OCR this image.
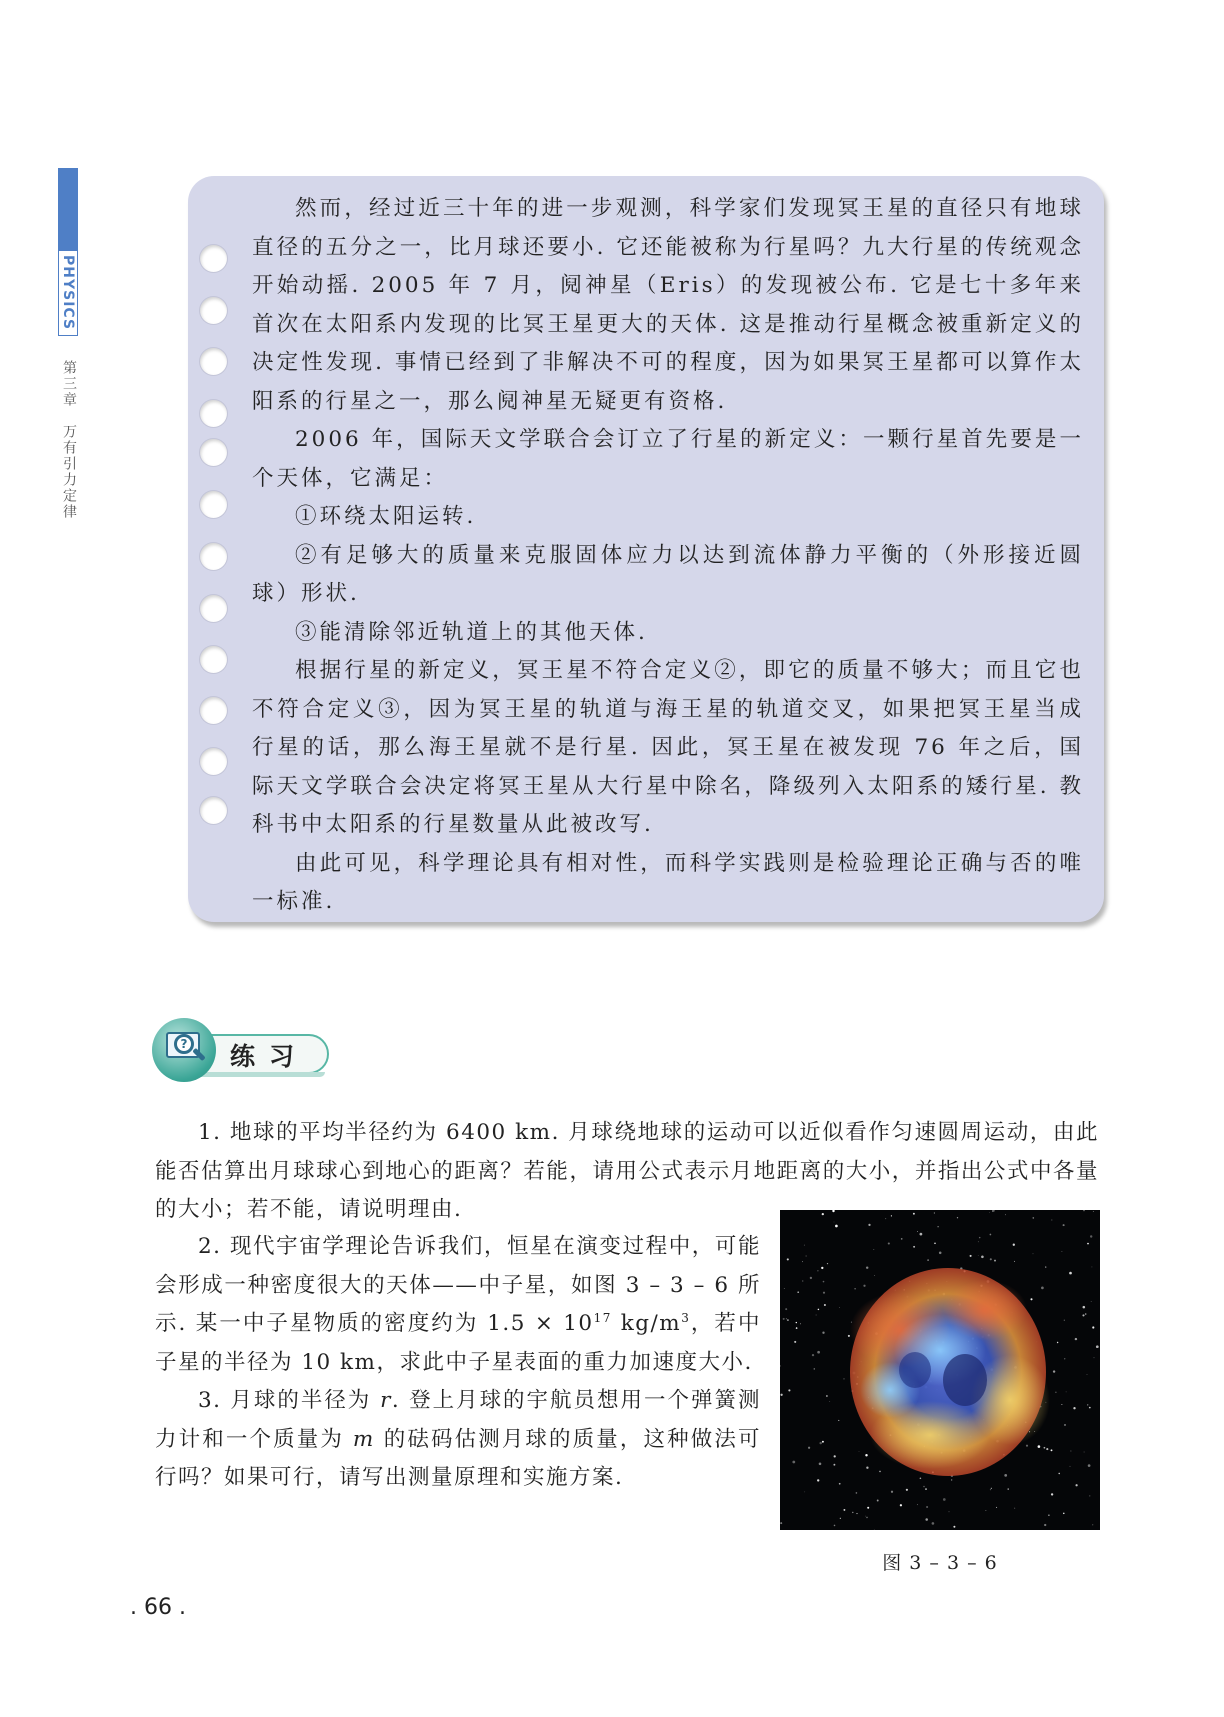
PHYSICS
第三章　万有引力定律

然而，经过近三十年的进一步观测，科学家们发现冥王星的直径只有地球直径的五分之一，比月球还要小. 它还能被称为行星吗？九大行星的传统观念开始动摇. 2005 年 7 月，阋神星（Eris）的发现被公布. 它是七十多年来首次在太阳系内发现的比冥王星更大的天体. 这是推动行星概念被重新定义的决定性发现. 事情已经到了非解决不可的程度，因为如果冥王星都可以算作太阳系的行星之一，那么阋神星无疑更有资格.

2006 年，国际天文学联合会订立了行星的新定义：一颗行星首先要是一个天体，它满足：

①环绕太阳运转.

②有足够大的质量来克服固体应力以达到流体静力平衡的（外形接近圆球）形状.

③能清除邻近轨道上的其他天体.

根据行星的新定义，冥王星不符合定义②，即它的质量不够大；而且它也不符合定义③，因为冥王星的轨道与海王星的轨道交叉，如果把冥王星当成行星的话，那么海王星就不是行星. 因此，冥王星在被发现 76 年之后，国际天文学联合会决定将冥王星从大行星中除名，降级列入太阳系的矮行星. 教科书中太阳系的行星数量从此被改写.

由此可见，科学理论具有相对性，而科学实践则是检验理论正确与否的唯一标准.

? 练习

1. 地球的平均半径约为 6400 km. 月球绕地球的运动可以近似看作匀速圆周运动，由此能否估算出月球球心到地心的距离？若能，请用公式表示月地距离的大小，并指出公式中各量的大小；若不能，请说明理由.

2. 现代宇宙学理论告诉我们，恒星在演变过程中，可能会形成一种密度很大的天体——中子星，如图 3 – 3 – 6 所示. 某一中子星物质的密度约为 $1.5 \times 10^{17}$ $kg/m^3$，若中子星的半径为 10 km，求此中子星表面的重力加速度大小.

3. 月球的半径为 r. 登上月球的宇航员想用一个弹簧测力计和一个质量为 m 的砝码估测月球的质量，这种做法可行吗？如果可行，请写出测量原理和实施方案.

图 3 – 3 – 6
. 66 .
